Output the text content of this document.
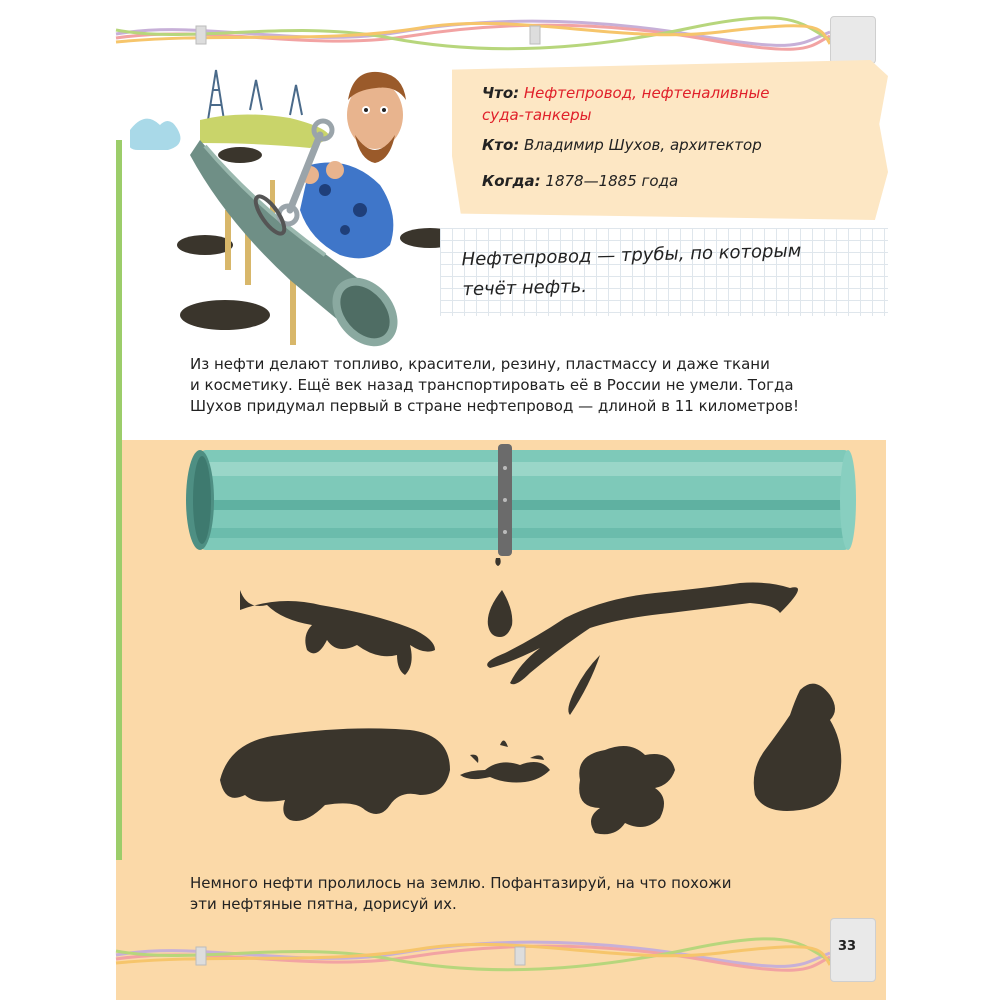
Что: Нефтепровод, нефтеналивные
суда-танкеры
Кто: Владимир Шухов, архитектор
Когда: 1878—1885 года
Нефтепровод — трубы, по которым
течёт нефть.
Из нефти делают топливо, красители, резину, пластмассу и даже ткани
и косметику. Ещё век назад транспортировать её в России не умели. Тогда
Шухов придумал первый в стране нефтепровод — длиной в 11 километров!
Немного нефти пролилось на землю. Пофантазируй, на что похожи
эти нефтяные пятна, дорисуй их.
33
